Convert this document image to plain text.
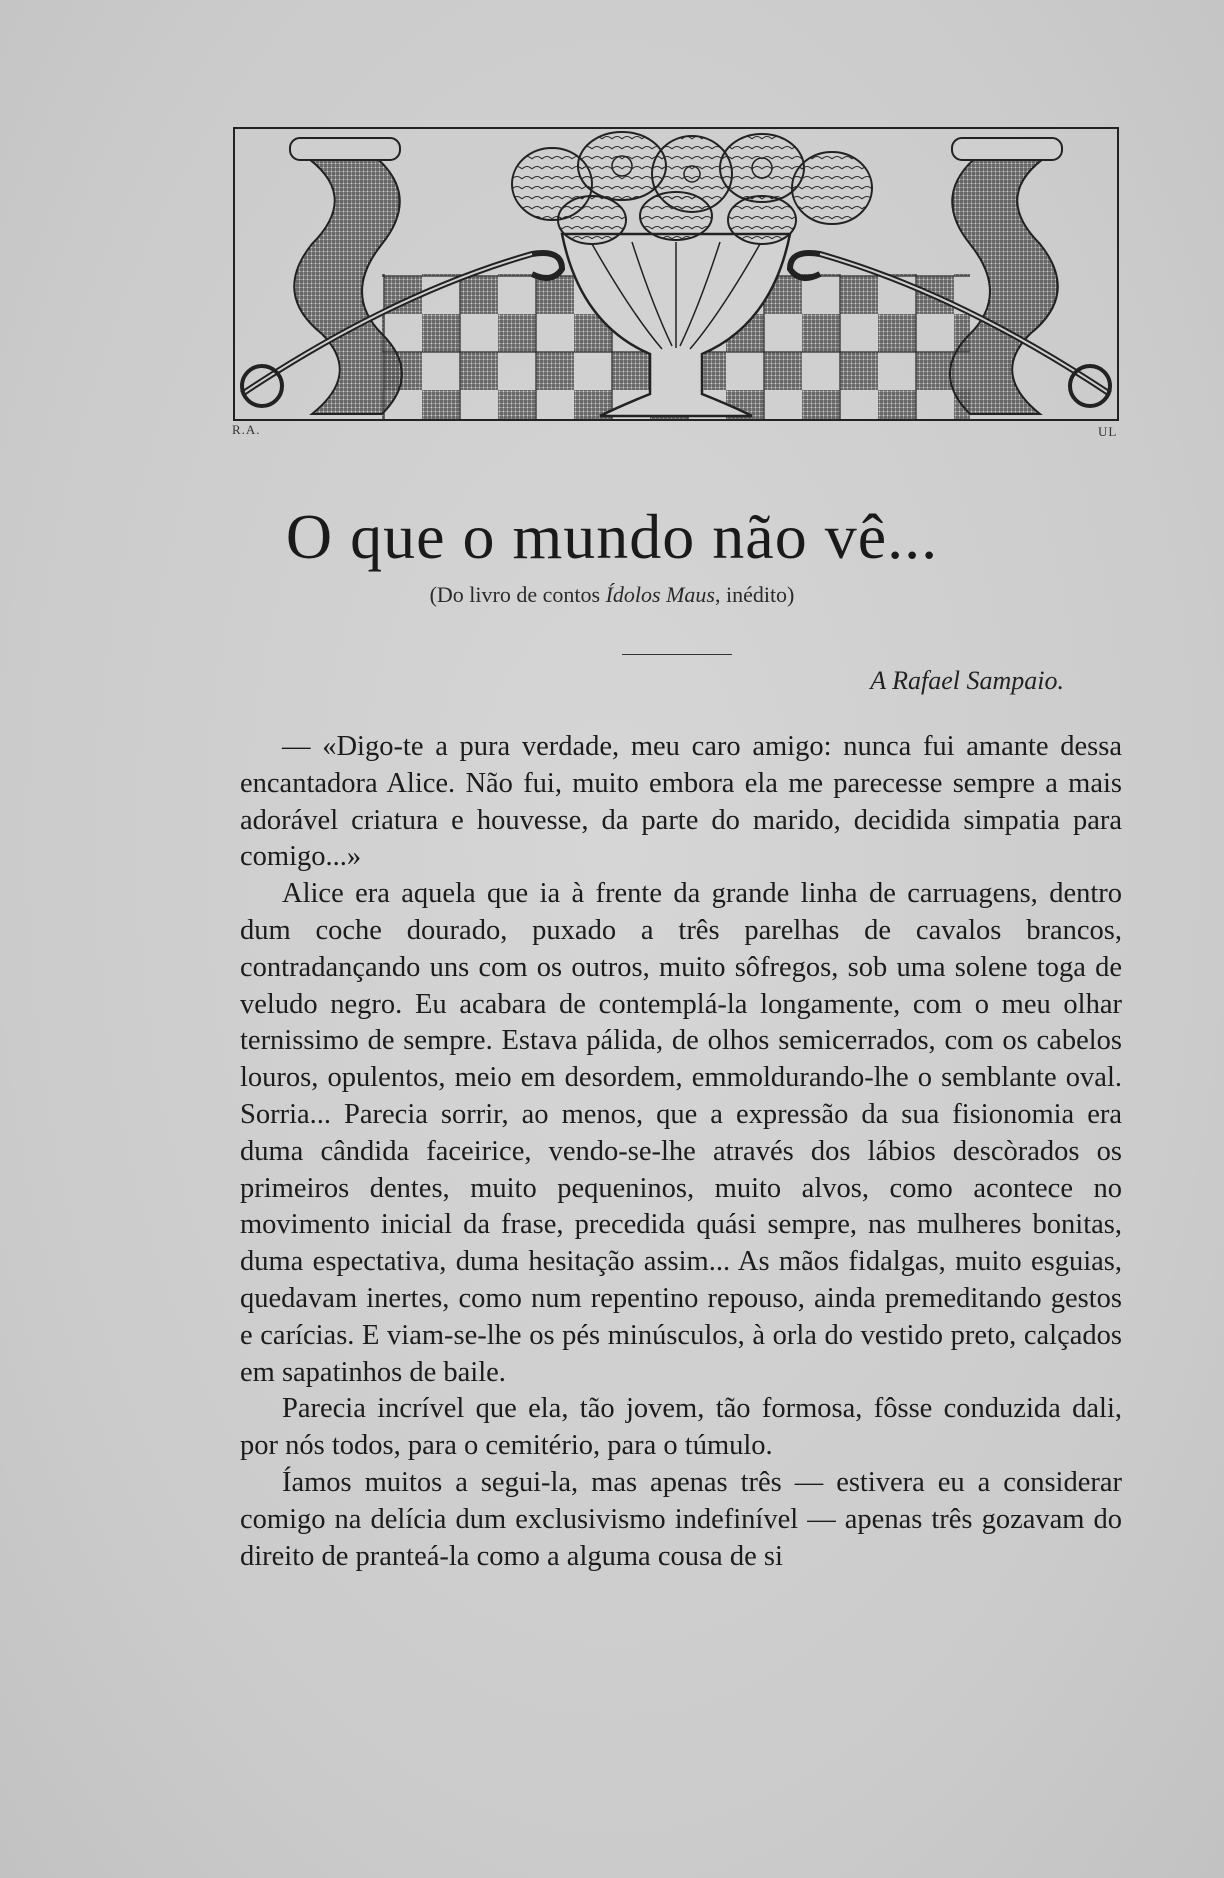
R.A.	UL
O que o mundo não vê...
(Do livro de contos Ídolos Maus, inédito)
A Rafael Sampaio.

— «Digo-te a pura verdade, meu caro amigo: nunca fui amante dessa encantadora Alice. Não fui, muito embora ela me parecesse sempre a mais adorável criatura e houvesse, da parte do marido, decidida simpatia para comigo...»

Alice era aquela que ia à frente da grande linha de carruagens, dentro dum coche dourado, puxado a três parelhas de cavalos brancos, contradançando uns com os outros, muito sôfregos, sob uma solene toga de veludo negro. Eu acabara de contemplá-la longamente, com o meu olhar ternissimo de sempre. Estava pálida, de olhos semicerrados, com os cabelos louros, opulentos, meio em desordem, emmoldurando-lhe o semblante oval. Sorria... Parecia sorrir, ao menos, que a expressão da sua fisionomia era duma cândida faceirice, vendo-se-lhe através dos lábios descòrados os primeiros dentes, muito pequeninos, muito alvos, como acontece no movimento inicial da frase, precedida quási sempre, nas mulheres bonitas, duma espectativa, duma hesitação assim... As mãos fidalgas, muito esguias, quedavam inertes, como num repentino repouso, ainda premeditando gestos e carícias. E viam-se-lhe os pés minúsculos, à orla do vestido preto, calçados em sapatinhos de baile.

Parecia incrível que ela, tão jovem, tão formosa, fôsse conduzida dali, por nós todos, para o cemitério, para o túmulo.

Íamos muitos a segui-la, mas apenas três — estivera eu a considerar comigo na delícia dum exclusivismo indefinível — apenas três gozavam do direito de pranteá-la como a alguma cousa de si
